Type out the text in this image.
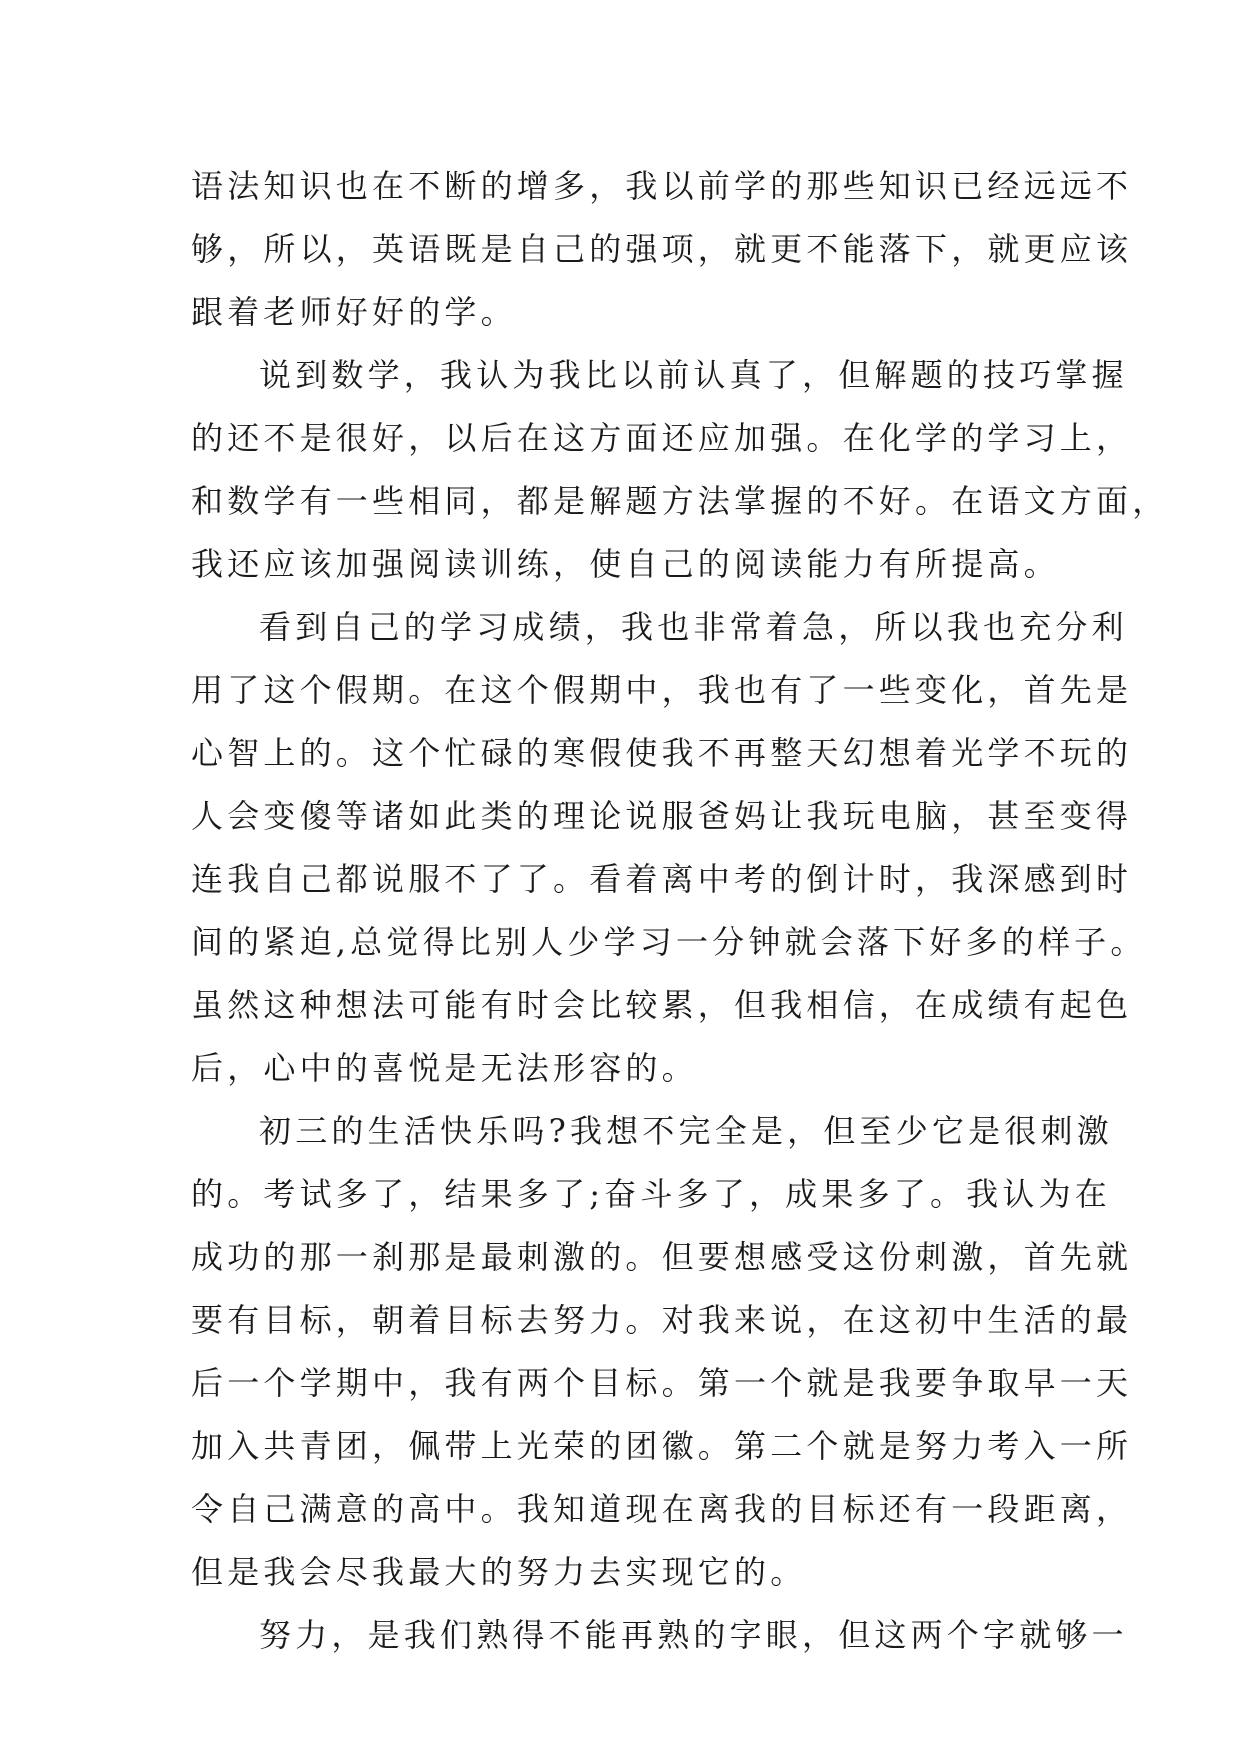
语法知识也在不断的增多，我以前学的那些知识已经远远不
够，所以，英语既是自己的强项，就更不能落下，就更应该
跟着老师好好的学。
说到数学，我认为我比以前认真了，但解题的技巧掌握
的还不是很好，以后在这方面还应加强。在化学的学习上，
和数学有一些相同，都是解题方法掌握的不好。在语文方面，
我还应该加强阅读训练，使自己的阅读能力有所提高。
看到自己的学习成绩，我也非常着急，所以我也充分利
用了这个假期。在这个假期中，我也有了一些变化，首先是
心智上的。这个忙碌的寒假使我不再整天幻想着光学不玩的
人会变傻等诸如此类的理论说服爸妈让我玩电脑，甚至变得
连我自己都说服不了了。看着离中考的倒计时，我深感到时
间的紧迫,总觉得比别人少学习一分钟就会落下好多的样子。
虽然这种想法可能有时会比较累，但我相信，在成绩有起色
后，心中的喜悦是无法形容的。
初三的生活快乐吗?我想不完全是，但至少它是很刺激
的。考试多了，结果多了;奋斗多了，成果多了。我认为在
成功的那一刹那是最刺激的。但要想感受这份刺激，首先就
要有目标，朝着目标去努力。对我来说，在这初中生活的最
后一个学期中，我有两个目标。第一个就是我要争取早一天
加入共青团，佩带上光荣的团徽。第二个就是努力考入一所
令自己满意的高中。我知道现在离我的目标还有一段距离，
但是我会尽我最大的努力去实现它的。
努力，是我们熟得不能再熟的字眼，但这两个字就够一
